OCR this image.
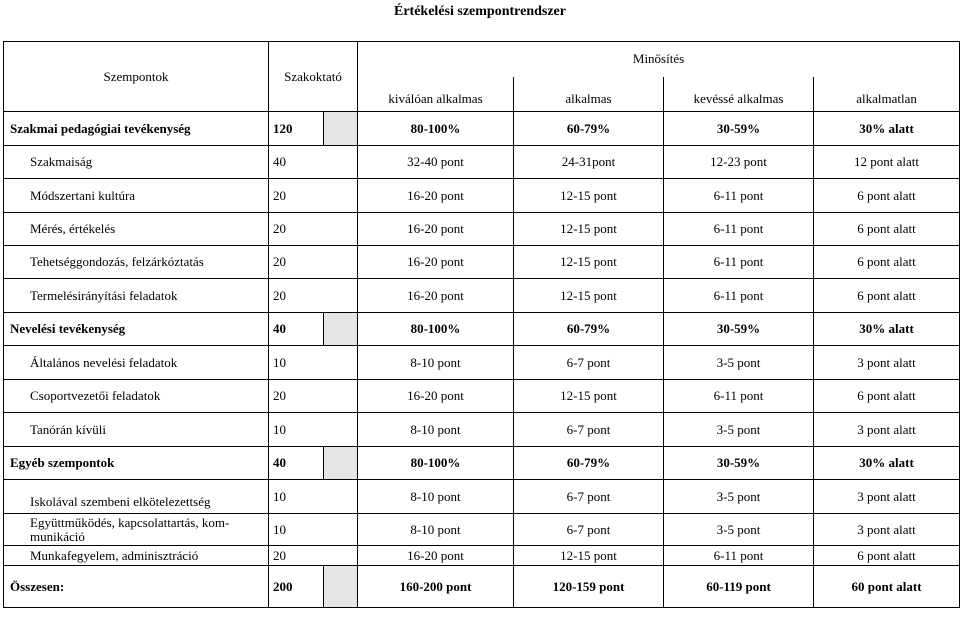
Értékelési szempontrendszer
Szempontok	Szakoktató		Minősítés			
			kiválóan alkalmas	alkalmas	kevéssé alkalmas	alkalmatlan
Szakmai pedagógiai tevékenység	120		80-100%	60-79%	30-59%	30% alatt
Szakmaiság	40		32-40 pont	24-31pont	12-23 pont	12 pont alatt
Módszertani kultúra	20		16-20 pont	12-15 pont	6-11 pont	6 pont alatt
Mérés, értékelés	20		16-20 pont	12-15 pont	6-11 pont	6 pont alatt
Tehetséggondozás, felzárkóztatás	20		16-20 pont	12-15 pont	6-11 pont	6 pont alatt
Termelésirányítási feladatok	20		16-20 pont	12-15 pont	6-11 pont	6 pont alatt
Nevelési tevékenység	40		80-100%	60-79%	30-59%	30% alatt
Általános nevelési feladatok	10		8-10 pont	6-7 pont	3-5 pont	3 pont alatt
Csoportvezetői feladatok	20		16-20 pont	12-15 pont	6-11 pont	6 pont alatt
Tanórán kívüli	10		8-10 pont	6-7 pont	3-5 pont	3 pont alatt
Egyéb szempontok	40		80-100%	60-79%	30-59%	30% alatt
Iskolával szembeni elkötelezettség	10		8-10 pont	6-7 pont	3-5 pont	3 pont alatt
Együttműködés, kapcsolattartás, kom-munikáció	10		8-10 pont	6-7 pont	3-5 pont	3 pont alatt
Munkafegyelem, adminisztráció	20		16-20 pont	12-15 pont	6-11 pont	6 pont alatt
Összesen:	200		160-200 pont	120-159 pont	60-119 pont	60 pont alatt
